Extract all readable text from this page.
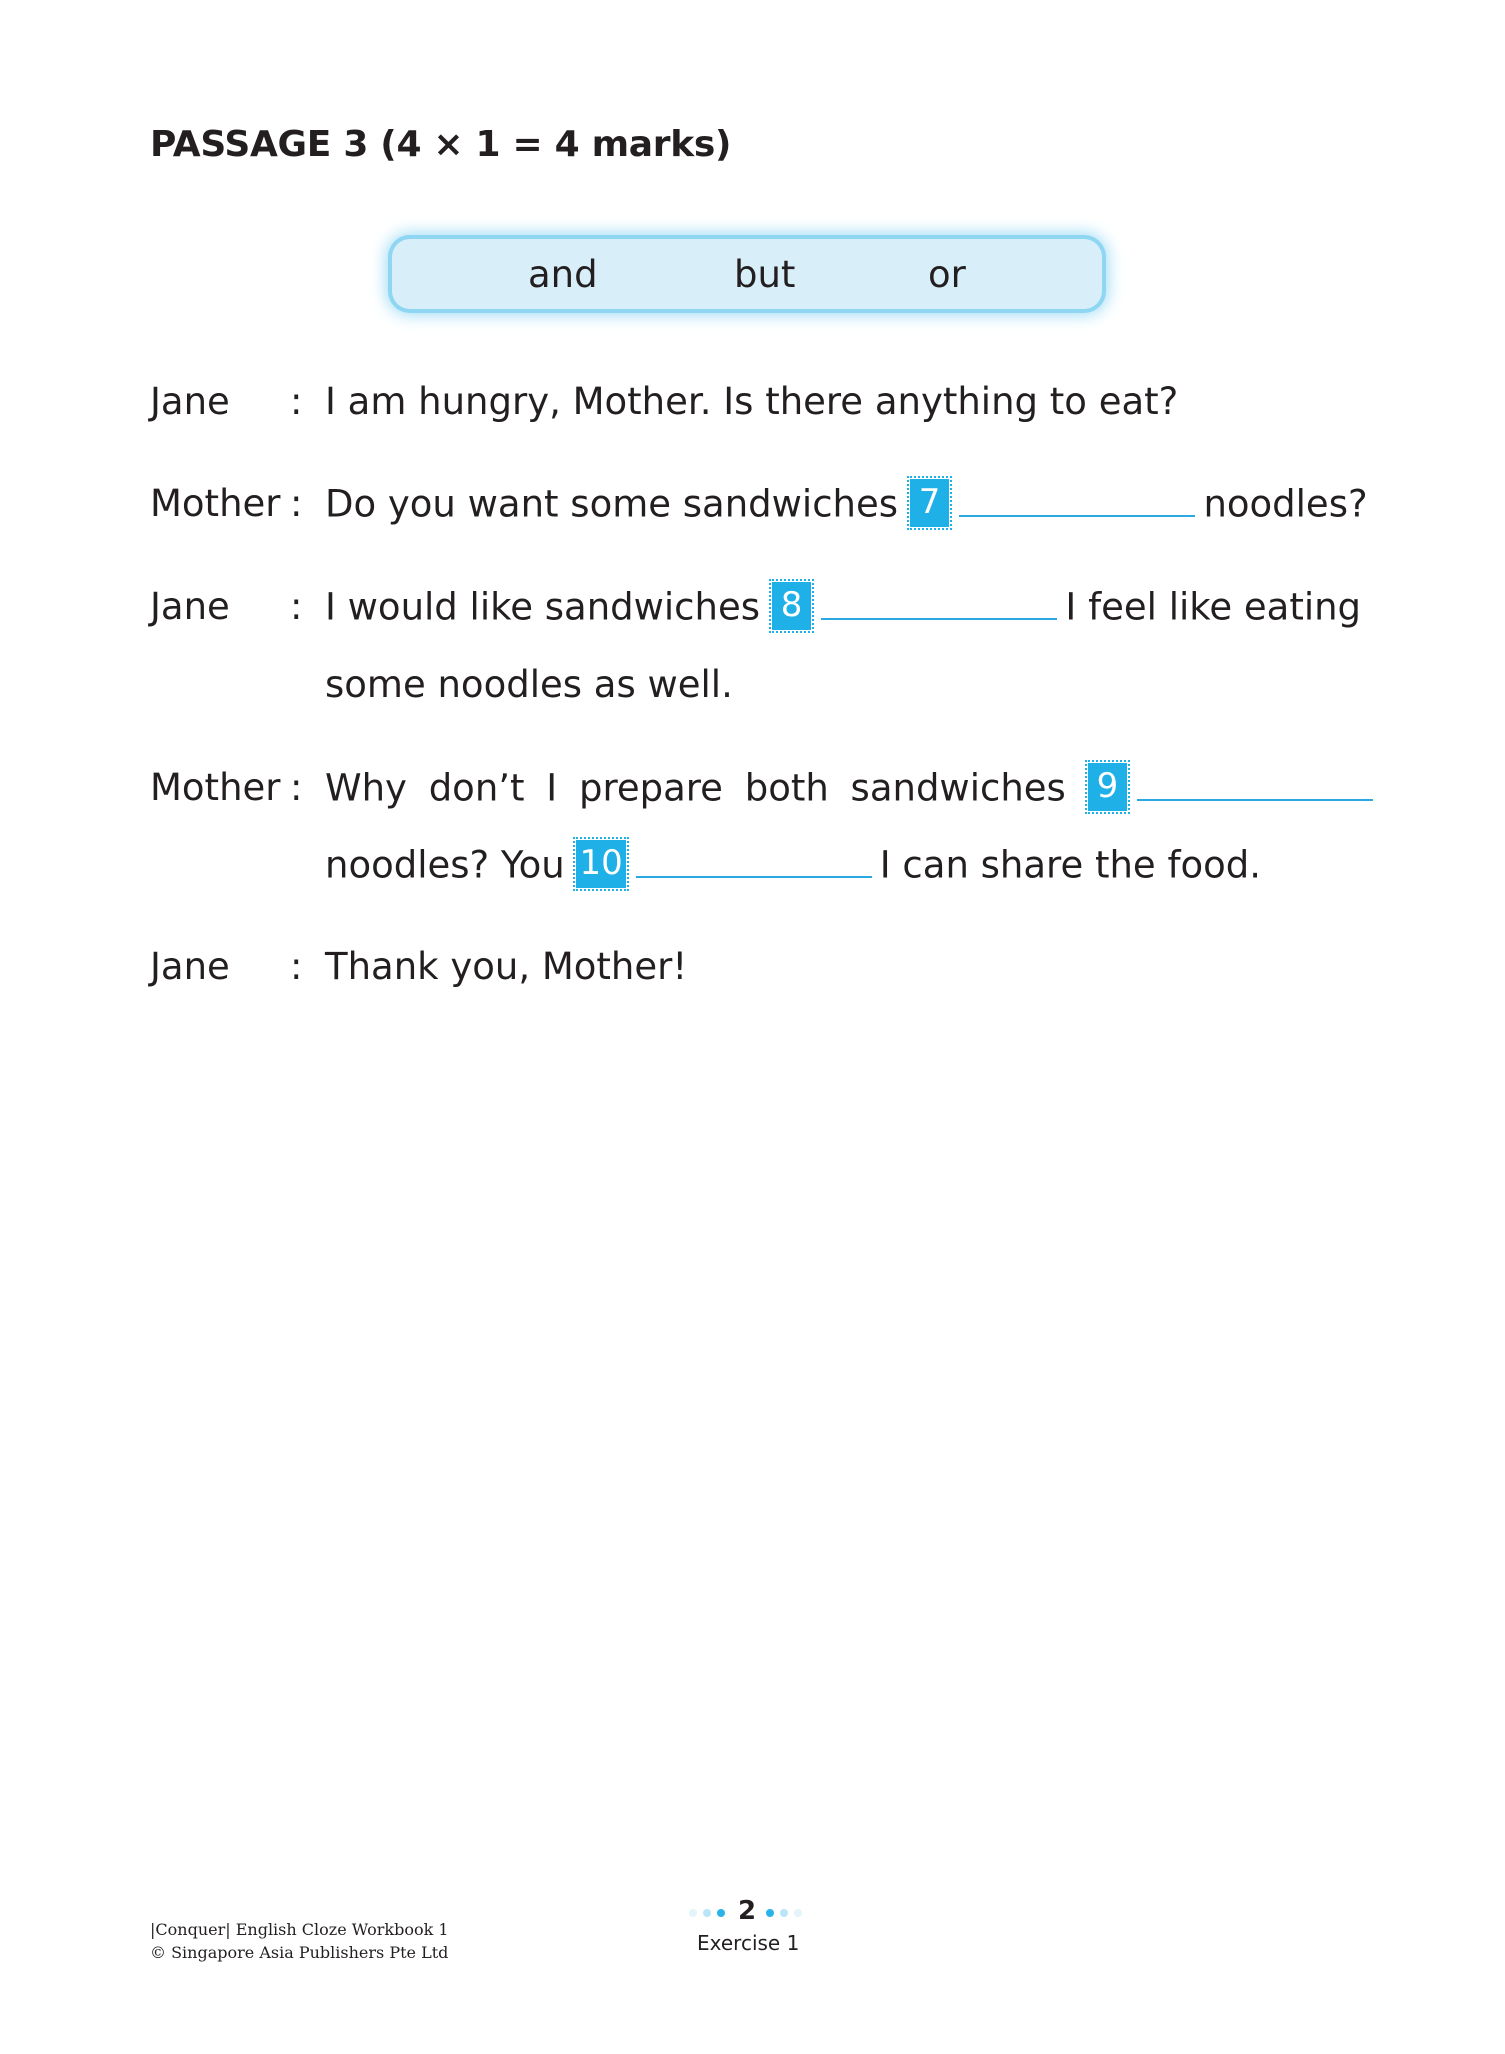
PASSAGE 3 (4 × 1 = 4 marks)
and	but	or
Jane : I am hungry, Mother. Is there anything to eat?
Mother : Do you want some sandwiches 7	noodles?
Jane : I would like sandwiches 8	I feel like eating
some noodles as well.
Mother : Why don’t I prepare both sandwiches 9
noodles? You 10	I can share the food.
Jane : Thank you, Mother!
|Conquer| English Cloze Workbook 1
© Singapore Asia Publishers Pte Ltd
2
Exercise 1
